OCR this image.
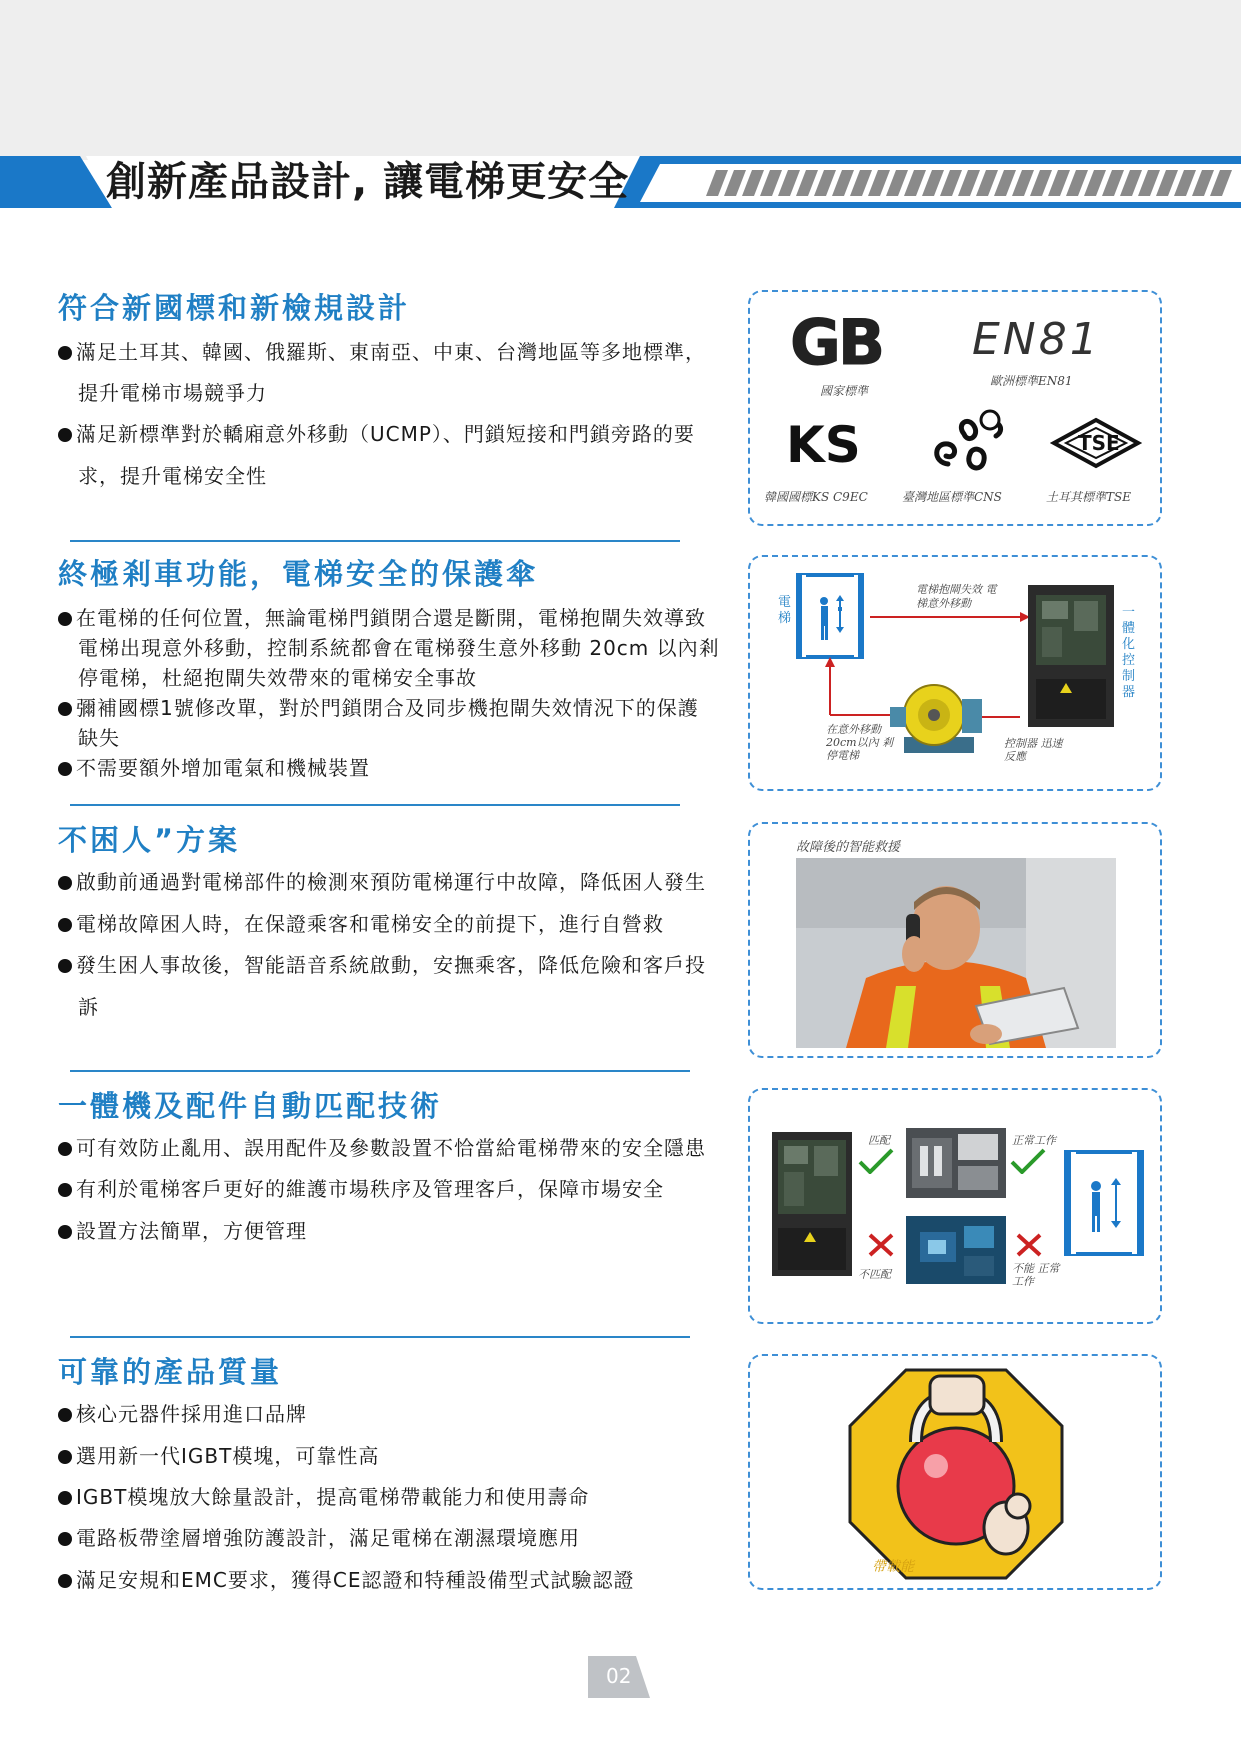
創新產品設計, 讓電梯更安全
符合新國標和新檢規設計
滿足土耳其、韓國、俄羅斯、東南亞、中東、台灣地區等多地標準，
提升電梯市場競爭力
滿足新標準對於轎廂意外移動（UCMP）、門鎖短接和門鎖旁路的要
求，提升電梯安全性
終極剎車功能，電梯安全的保護傘
在電梯的任何位置，無論電梯門鎖閉合還是斷開，電梯抱閘失效導致
電梯出現意外移動，控制系統都會在電梯發生意外移動 20cm 以內剎
停電梯，杜絕抱閘失效帶來的電梯安全事故
彌補國標1號修改單，對於門鎖閉合及同步機抱閘失效情況下的保護
缺失
不需要額外增加電氣和機械裝置
不困人”方案
啟動前通過對電梯部件的檢測來預防電梯運行中故障，降低困人發生
電梯故障困人時，在保證乘客和電梯安全的前提下，進行自營救
發生困人事故後，智能語音系統啟動，安撫乘客，降低危險和客戶投
訴
一體機及配件自動匹配技術
可有效防止亂用、誤用配件及參數設置不恰當給電梯帶來的安全隱患
有利於電梯客戶更好的維護市場秩序及管理客戶，保障市場安全
設置方法簡單，方便管理
可靠的產品質量
核心元器件採用進口品牌
選用新一代IGBT模塊，可靠性高
IGBT模塊放大餘量設計，提高電梯帶載能力和使用壽命
電路板帶塗層增強防護設計，滿足電梯在潮濕環境應用
滿足安規和EMC要求，獲得CE認證和特種設備型式試驗認證
GB
國家標準
EN81
歐洲標準EN81
KS
韓國國標KS C9EC	臺灣地區標準CNS
TSE
土耳其標準TSE
電梯
電梯抱閘失效 電梯意外移動
在意外移動 20cm以內 剎停電梯
控制器 迅速反應
一體化控制器
故障後的智能救援
匹配	正常工作
不匹配	不能 正常工作
帶載能
02
